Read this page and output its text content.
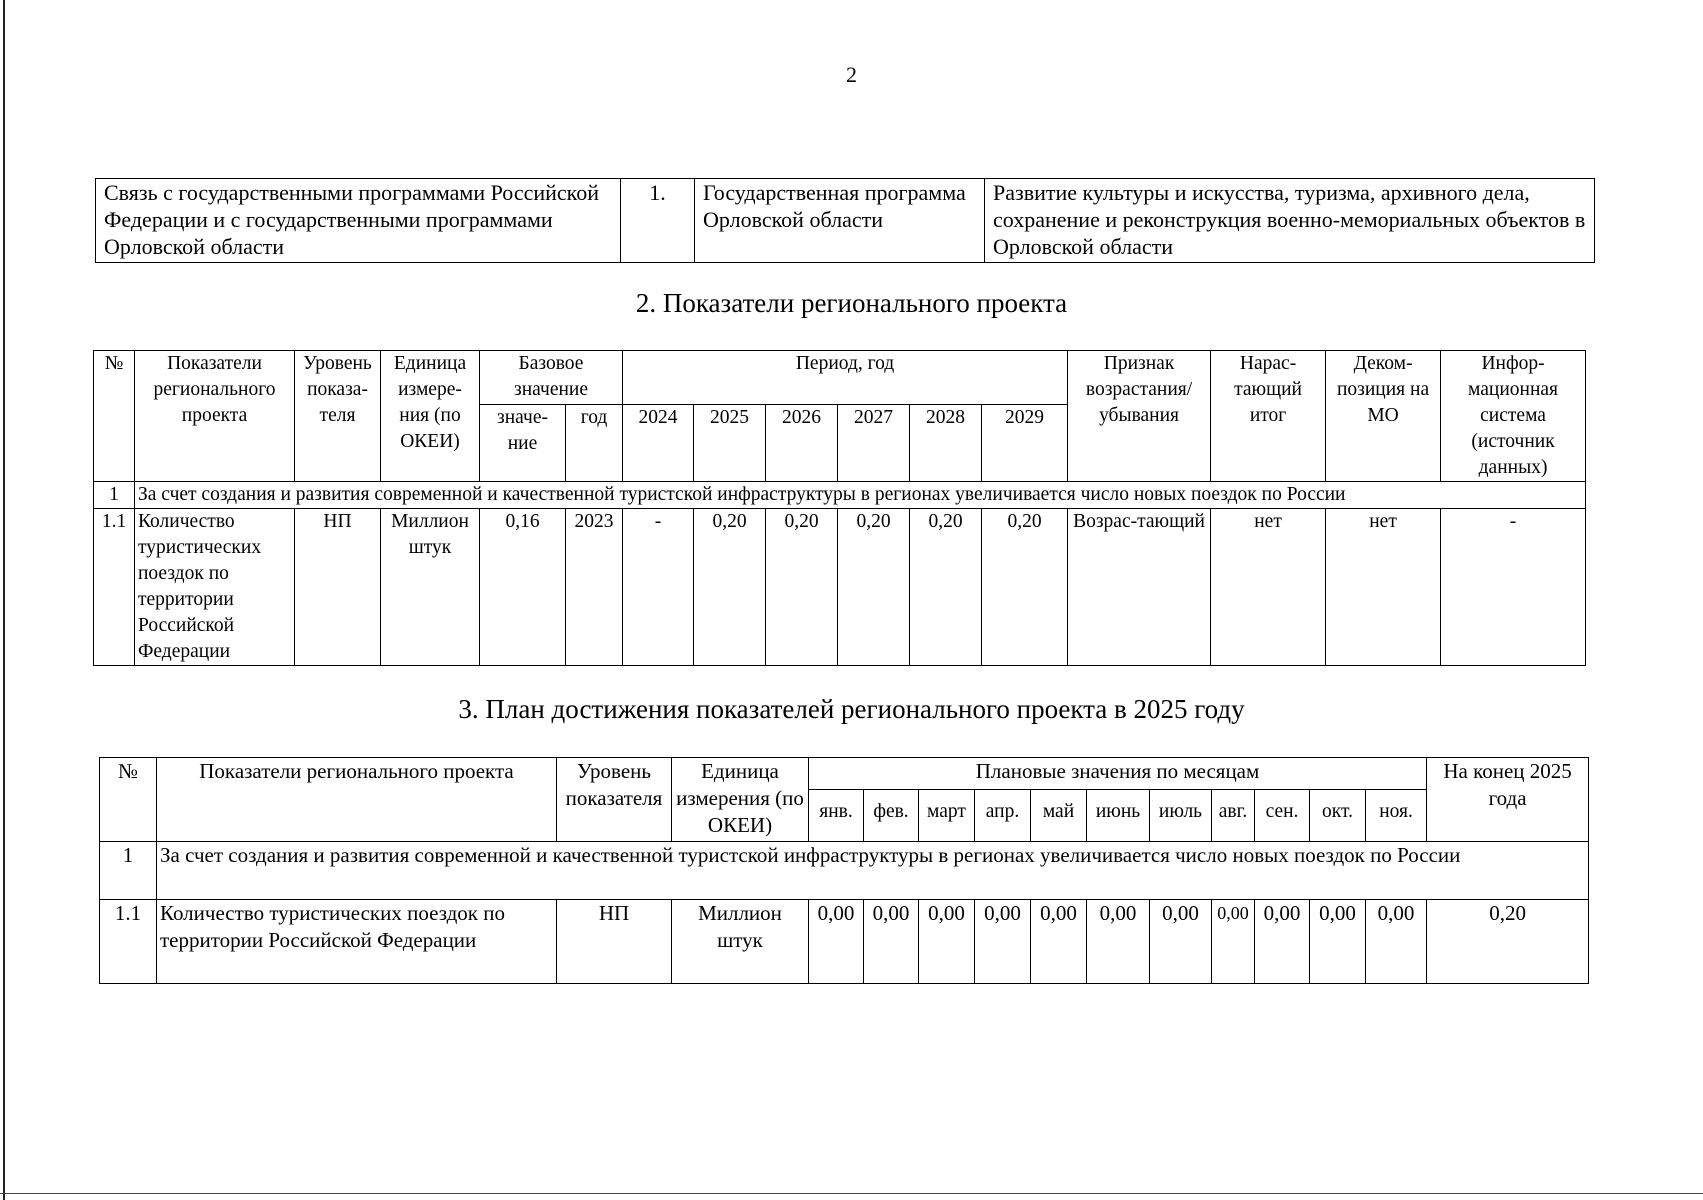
2
Связь с государственными программами Российской Федерации и с государственными программами Орловской области	1.	Государственная программа Орловской области	Развитие культуры и искусства, туризма, архивного дела, сохранение и реконструкция военно-мемориальных объектов в Орловской области
2. Показатели регионального проекта
№	Показатели регионального проекта	Уровень показа-теля	Единица измере-ния (по ОКЕИ)	Базовое значение		Период, год						Признак возрастания/ убывания	Нарас-тающий итог	Деком-позиция на МО	Инфор-мационная система (источник данных)
				значе-ние	год	2024	2025	2026	2027	2028	2029				
1	За счет создания и развития современной и качественной туристской инфраструктуры в регионах увеличивается число новых поездок по России														
1.1	Количество туристических поездок по территории Российской Федерации	НП	Миллион штук	0,16	2023	-	0,20	0,20	0,20	0,20	0,20	Возрас-тающий	нет	нет	-
3. План достижения показателей регионального проекта в 2025 году
№	Показатели регионального проекта	Уровень показателя	Единица измерения (по ОКЕИ)	Плановые значения по месяцам											На конец 2025 года
				янв.	фев.	март	апр.	май	июнь	июль	авг.	сен.	окт.	ноя.	
1	За счет создания и развития современной и качественной туристской инфраструктуры в регионах увеличивается число новых поездок по России														
1.1	Количество туристических поездок по территории Российской Федерации	НП	Миллион штук	0,00	0,00	0,00	0,00	0,00	0,00	0,00	0,00	0,00	0,00	0,00	0,20
